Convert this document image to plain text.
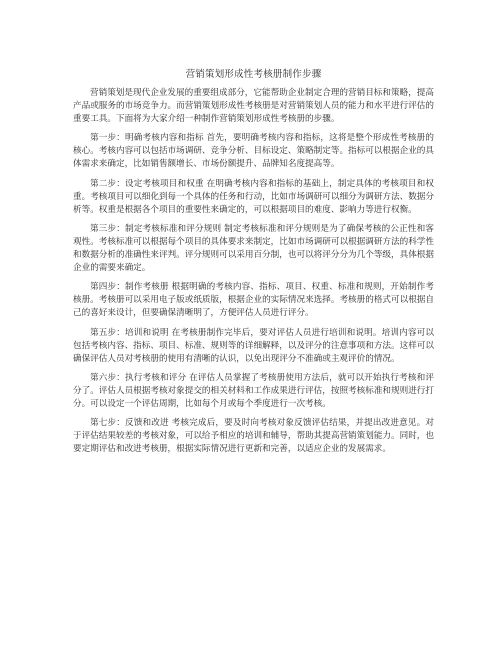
营销策划形成性考核册制作步骤

营销策划是现代企业发展的重要组成部分，它能帮助企业制定合理的营销目标和策略，提高产品或服务的市场竞争力。而营销策划形成性考核册是对营销策划人员的能力和水平进行评估的重要工具。下面将为大家介绍一种制作营销策划形成性考核册的步骤。

第一步：明确考核内容和指标 首先，要明确考核内容和指标，这将是整个形成性考核册的核心。考核内容可以包括市场调研、竞争分析、目标设定、策略制定等。指标可以根据企业的具体需求来确定，比如销售额增长、市场份额提升、品牌知名度提高等。

第二步：设定考核项目和权重 在明确考核内容和指标的基础上，制定具体的考核项目和权重。考核项目可以细化到每一个具体的任务和行动，比如市场调研可以细分为调研方法、数据分析等。权重是根据各个项目的重要性来确定的，可以根据项目的难度、影响力等进行权衡。

第三步：制定考核标准和评分规则 制定考核标准和评分规则是为了确保考核的公正性和客观性。考核标准可以根据每个项目的具体要求来制定，比如市场调研可以根据调研方法的科学性和数据分析的准确性来评判。评分规则可以采用百分制，也可以将评分分为几个等级，具体根据企业的需要来确定。

第四步：制作考核册 根据明确的考核内容、指标、项目、权重、标准和规则，开始制作考核册。考核册可以采用电子版或纸质版，根据企业的实际情况来选择。考核册的格式可以根据自己的喜好来设计，但要确保清晰明了，方便评估人员进行评分。

第五步：培训和说明 在考核册制作完毕后，要对评估人员进行培训和说明。培训内容可以包括考核内容、指标、项目、标准、规则等的详细解释，以及评分的注意事项和方法。这样可以确保评估人员对考核册的使用有清晰的认识，以免出现评分不准确或主观评价的情况。

第六步：执行考核和评分 在评估人员掌握了考核册使用方法后，就可以开始执行考核和评分了。评估人员根据考核对象提交的相关材料和工作成果进行评估，按照考核标准和规则进行打分。可以设定一个评估周期，比如每个月或每个季度进行一次考核。

第七步：反馈和改进 考核完成后，要及时向考核对象反馈评估结果，并提出改进意见。对于评估结果较差的考核对象，可以给予相应的培训和辅导，帮助其提高营销策划能力。同时，也要定期评估和改进考核册，根据实际情况进行更新和完善，以适应企业的发展需求。
